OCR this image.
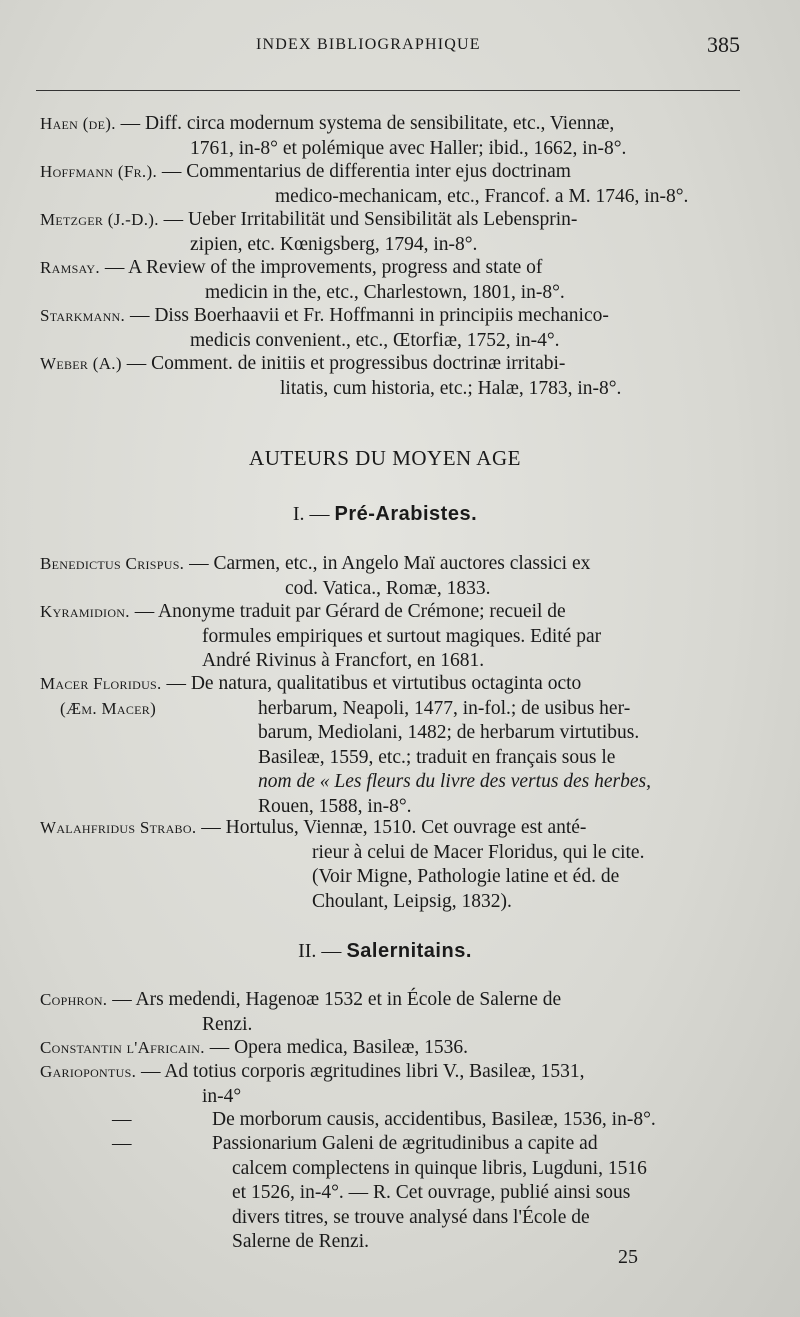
INDEX BIBLIOGRAPHIQUE	385
Haen (de). — Diff. circa modernum systema de sensibilitate, etc., Viennæ,
1761, in-8° et polémique avec Haller; ibid., 1662, in-8°.
Hoffmann (Fr.). — Commentarius de differentia inter ejus doctrinam
medico-mechanicam, etc., Francof. a M. 1746, in-8°.
Metzger (J.-D.). — Ueber Irritabilität und Sensibilität als Lebensprin-
zipien, etc. Kœnigsberg, 1794, in-8°.
Ramsay. — A Review of the improvements, progress and state of
medicin in the, etc., Charlestown, 1801, in-8°.
Starkmann. — Diss Boerhaavii et Fr. Hoffmanni in principiis mechanico-
medicis convenient., etc., Œtorfiæ, 1752, in-4°.
Weber (A.) — Comment. de initiis et progressibus doctrinæ irritabi-
litatis, cum historia, etc.; Halæ, 1783, in-8°.
AUTEURS DU MOYEN AGE
I. — Pré-Arabistes.
Benedictus Crispus. — Carmen, etc., in Angelo Maï auctores classici ex
cod. Vatica., Romæ, 1833.
Kyramidion. — Anonyme traduit par Gérard de Crémone; recueil de
formules empiriques et surtout magiques. Edité par
André Rivinus à Francfort, en 1681.
Macer Floridus. — De natura, qualitatibus et virtutibus octaginta octo
(Æm. Macer)	herbarum, Neapoli, 1477, in-fol.; de usibus her-
barum, Mediolani, 1482; de herbarum virtutibus.
Basileæ, 1559, etc.; traduit en français sous le
nom de « Les fleurs du livre des vertus des herbes,
Rouen, 1588, in-8°.
Walahfridus Strabo. — Hortulus, Viennæ, 1510. Cet ouvrage est anté-
rieur à celui de Macer Floridus, qui le cite.
(Voir Migne, Pathologie latine et éd. de
Choulant, Leipsig, 1832).
II. — Salernitains.
Cophron. — Ars medendi, Hagenoæ 1532 et in École de Salerne de
Renzi.
Constantin l'Africain. — Opera medica, Basileæ, 1536.
Gariopontus. — Ad totius corporis ægritudines libri V., Basileæ, 1531,
in-4°
—	De morborum causis, accidentibus, Basileæ, 1536, in-8°.
—	Passionarium Galeni de ægritudinibus a capite ad
calcem complectens in quinque libris, Lugduni, 1516
et 1526, in-4°. — R. Cet ouvrage, publié ainsi sous
divers titres, se trouve analysé dans l'École de
Salerne de Renzi.
25
